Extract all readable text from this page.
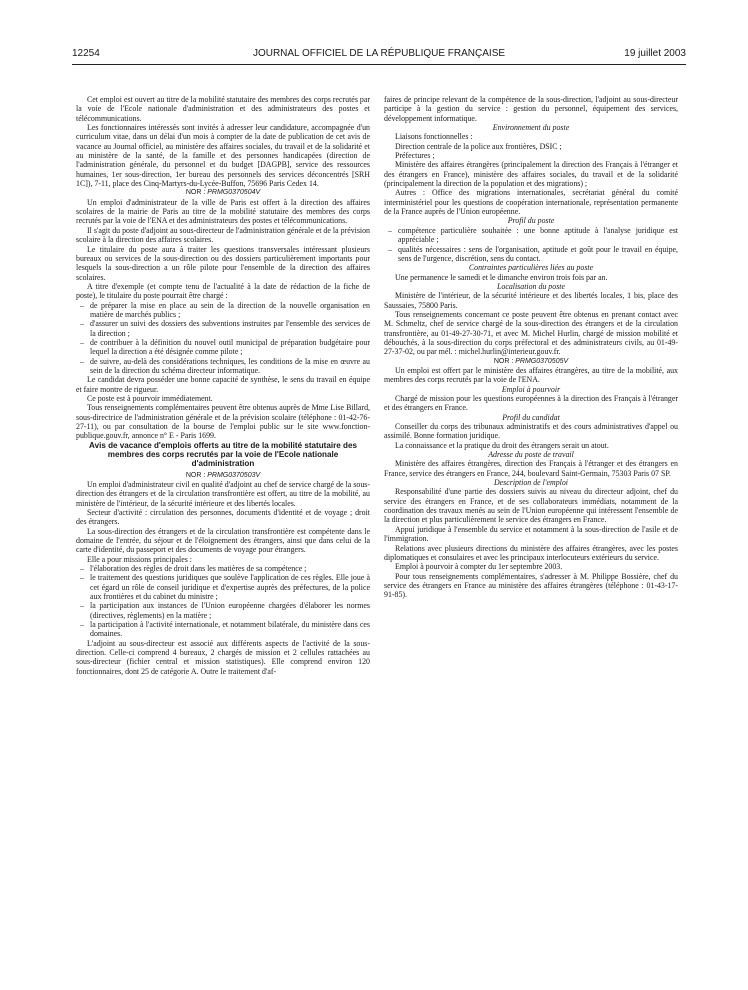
12254	JOURNAL OFFICIEL DE LA RÉPUBLIQUE FRANÇAISE	19 juillet 2003

Cet emploi est ouvert au titre de la mobilité statutaire des membres des corps recrutés par la voie de l'Ecole nationale d'administration et des administrateurs des postes et télécommunications.

Les fonctionnaires intéressés sont invités à adresser leur candidature, accompagnée d'un curriculum vitae, dans un délai d'un mois à compter de la date de publication de cet avis de vacance au Journal officiel, au ministère des affaires sociales, du travail et de la solidarité et au ministère de la santé, de la famille et des personnes handicapées (direction de l'administration générale, du personnel et du budget [DAGPB], service des ressources humaines, 1er sous-direction, 1er bureau des personnels des services déconcentrés [SRH 1C]), 7-11, place des Cinq-Martyrs-du-Lycée-Buffon, 75696 Paris Cedex 14.

NOR : PRMG0370504V

Un emploi d'administrateur de la ville de Paris est offert à la direction des affaires scolaires de la mairie de Paris au titre de la mobilité statutaire des membres des corps recrutés par la voie de l'ENA et des administrateurs des postes et télécommunications.

Il s'agit du poste d'adjoint au sous-directeur de l'administration générale et de la prévision scolaire à la direction des affaires scolaires.

Le titulaire du poste aura à traiter les questions transversales intéressant plusieurs bureaux ou services de la sous-direction ou des dossiers particulièrement importants pour lesquels la sous-direction a un rôle pilote pour l'ensemble de la direction des affaires scolaires.

A titre d'exemple (et compte tenu de l'actualité à la date de rédaction de la fiche de poste), le titulaire du poste pourrait être chargé :

– de préparer la mise en place au sein de la direction de la nouvelle organisation en matière de marchés publics ;
– d'assurer un suivi des dossiers des subventions instruites par l'ensemble des services de la direction ;
– de contribuer à la définition du nouvel outil municipal de préparation budgétaire pour lequel la direction a été désignée comme pilote ;
– de suivre, au-delà des considérations techniques, les conditions de la mise en œuvre au sein de la direction du schéma directeur informatique.

Le candidat devra posséder une bonne capacité de synthèse, le sens du travail en équipe et faire montre de rigueur.

Ce poste est à pourvoir immédiatement.

Tous renseignements complémentaires peuvent être obtenus auprès de Mme Lise Billard, sous-directrice de l'administration générale et de la prévision scolaire (téléphone : 01-42-76-27-11), ou par consultation de la bourse de l'emploi public sur le site www.fonction-publique.gouv.fr, annonce n° E - Paris 1699.

Avis de vacance d'emplois offerts au titre de la mobilité statutaire des membres des corps recrutés par la voie de l'Ecole nationale d'administration

NOR : PRMG0370503V

Un emploi d'administrateur civil en qualité d'adjoint au chef de service chargé de la sous-direction des étrangers et de la circulation transfrontière est offert, au titre de la mobilité, au ministère de l'intérieur, de la sécurité intérieure et des libertés locales.

Secteur d'activité : circulation des personnes, documents d'identité et de voyage ; droit des étrangers.

La sous-direction des étrangers et de la circulation transfrontière est compétente dans le domaine de l'entrée, du séjour et de l'éloignement des étrangers, ainsi que dans celui de la carte d'identité, du passeport et des documents de voyage pour étrangers.

Elle a pour missions principales :

– l'élaboration des règles de droit dans les matières de sa compétence ;
– le traitement des questions juridiques que soulève l'application de ces règles. Elle joue à cet égard un rôle de conseil juridique et d'expertise auprès des préfectures, de la police aux frontières et du cabinet du ministre ;
– la participation aux instances de l'Union européenne chargées d'élaborer les normes (directives, règlements) en la matière ;
– la participation à l'activité internationale, et notamment bilatérale, du ministère dans ces domaines.

L'adjoint au sous-directeur est associé aux différents aspects de l'activité de la sous-direction. Celle-ci comprend 4 bureaux, 2 chargés de mission et 2 cellules rattachées au sous-directeur (fichier central et mission statistiques). Elle comprend environ 120 fonctionnaires, dont 25 de catégorie A. Outre le traitement d'af-

faires de principe relevant de la compétence de la sous-direction, l'adjoint au sous-directeur participe à la gestion du service : gestion du personnel, équipement des services, développement informatique.

Environnement du poste

Liaisons fonctionnelles :

Direction centrale de la police aux frontières, DSIC ;

Préfectures ;

Ministère des affaires étrangères (principalement la direction des Français à l'étranger et des étrangers en France), ministère des affaires sociales, du travail et de la solidarité (principalement la direction de la population et des migrations) ;

Autres : Office des migrations internationales, secrétariat général du comité interministériel pour les questions de coopération internationale, représentation permanente de la France auprès de l'Union européenne.

Profil du poste

– compétence particulière souhaitée : une bonne aptitude à l'analyse juridique est appréciable ;
– qualités nécessaires : sens de l'organisation, aptitude et goût pour le travail en équipe, sens de l'urgence, discrétion, sens du contact.

Contraintes particulières liées au poste

Une permanence le samedi et le dimanche environ trois fois par an.

Localisation du poste

Ministère de l'intérieur, de la sécurité intérieure et des libertés locales, 1 bis, place des Saussaies, 75800 Paris.

Tous renseignements concernant ce poste peuvent être obtenus en prenant contact avec M. Schmeltz, chef de service chargé de la sous-direction des étrangers et de la circulation transfrontière, au 01-49-27-30-71, et avec M. Michel Hurlin, chargé de mission mobilité et débouchés, à la sous-direction du corps préfectoral et des administrateurs civils, au 01-49-27-37-02, ou par mél. : michel.hurlin@interieur.gouv.fr.

NOR : PRMG0370505V

Un emploi est offert par le ministère des affaires étrangères, au titre de la mobilité, aux membres des corps recrutés par la voie de l'ENA.

Emploi à pourvoir

Chargé de mission pour les questions européennes à la direction des Français à l'étranger et des étrangers en France.

Profil du candidat

Conseiller du corps des tribunaux administratifs et des cours administratives d'appel ou assimilé. Bonne formation juridique.

La connaissance et la pratique du droit des étrangers serait un atout.

Adresse du poste de travail

Ministère des affaires étrangères, direction des Français à l'étranger et des étrangers en France, service des étrangers en France, 244, boulevard Saint-Germain, 75303 Paris 07 SP.

Description de l'emploi

Responsabilité d'une partie des dossiers suivis au niveau du directeur adjoint, chef du service des étrangers en France, et de ses collaborateurs immédiats, notamment de la coordination des travaux menés au sein de l'Union européenne qui intéressent l'ensemble de la direction et plus particulièrement le service des étrangers en France.

Appui juridique à l'ensemble du service et notamment à la sous-direction de l'asile et de l'immigration.

Relations avec plusieurs directions du ministère des affaires étrangères, avec les postes diplomatiques et consulaires et avec les principaux interlocuteurs extérieurs du service.

Emploi à pourvoir à compter du 1er septembre 2003.

Pour tous renseignements complémentaires, s'adresser à M. Philippe Bossière, chef du service des étrangers en France au ministère des affaires étrangères (téléphone : 01-43-17-91-85).
